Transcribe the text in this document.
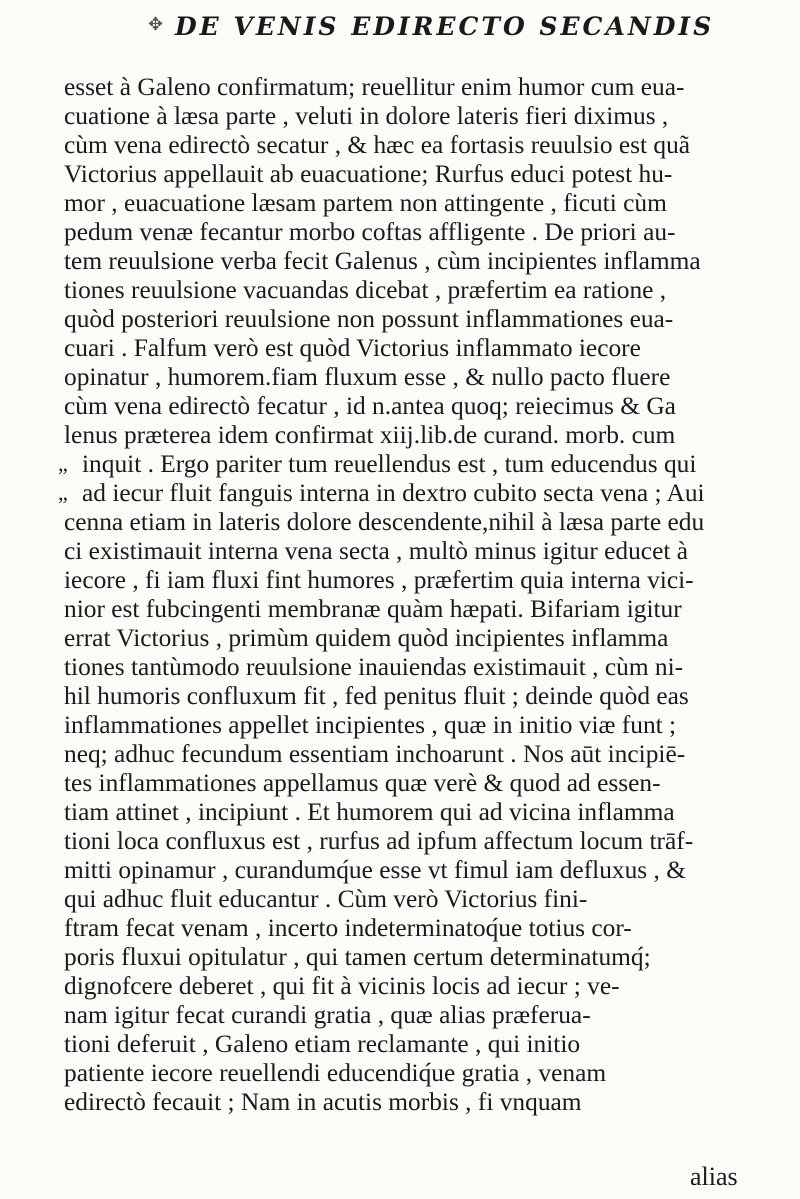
✥ DE VENIS EDIRECTO SECANDIS
esset à Galeno confirmatum; reuellitur enim humor cum eua-
cuatione à læsa parte , veluti in dolore lateris fieri diximus ,
cùm vena edirectò secatur , & hæc ea fortasis reuulsio est quã
Victorius appellauit ab euacuatione; Rurfus educi potest hu-
mor , euacuatione læsam partem non attingente , ficuti cùm
pedum venæ fecantur morbo coftas affligente . De priori au-
tem reuulsione verba fecit Galenus , cùm incipientes inflamma
tiones reuulsione vacuandas dicebat , præfertim ea ratione ,
quòd posteriori reuulsione non possunt inflammationes eua-
cuari . Falfum verò est quòd Victorius inflammato iecore
opinatur , humorem.fiam fluxum esse , & nullo pacto fluere
cùm vena edirectò fecatur , id n.antea quoq; reiecimus & Ga
lenus præterea idem confirmat xiij.lib.de curand. morb. cum
„ inquit . Ergo pariter tum reuellendus est , tum educendus qui
„ ad iecur fluit fanguis interna in dextro cubito secta vena ; Aui
cenna etiam in lateris dolore descendente,nihil à læsa parte edu
ci existimauit interna vena secta , multò minus igitur educet à
iecore , fi iam fluxi fint humores , præfertim quia interna vici-
nior est fubcingenti membranæ quàm hæpati. Bifariam igitur
errat Victorius , primùm quidem quòd incipientes inflamma
tiones tantùmodo reuulsione inauiendas existimauit , cùm ni-
hil humoris confluxum fit , fed penitus fluit ; deinde quòd eas
inflammationes appellet incipientes , quæ in initio viæ funt ;
neq; adhuc fecundum essentiam inchoarunt . Nos aūt incipiē-
tes inflammationes appellamus quæ verè & quod ad essen-
tiam attinet , incipiunt . Et humorem qui ad vicina inflamma
tioni loca confluxus est , rurfus ad ipfum affectum locum trāf-
mitti opinamur , curandumq́ue esse vt fimul iam defluxus , &
qui adhuc fluit educantur . Cùm verò Victorius fini-
ftram fecat venam , incerto indeterminatoq́ue totius cor-
poris fluxui opitulatur , qui tamen certum determinatumq́;
dignofcere deberet , qui fit à vicinis locis ad iecur ; ve-
nam igitur fecat curandi gratia , quæ alias præferua-
tioni deferuit , Galeno etiam reclamante , qui initio
patiente iecore reuellendi educendiq́ue gratia , venam
edirectò fecauit ; Nam in acutis morbis , fi vnquam
alias
